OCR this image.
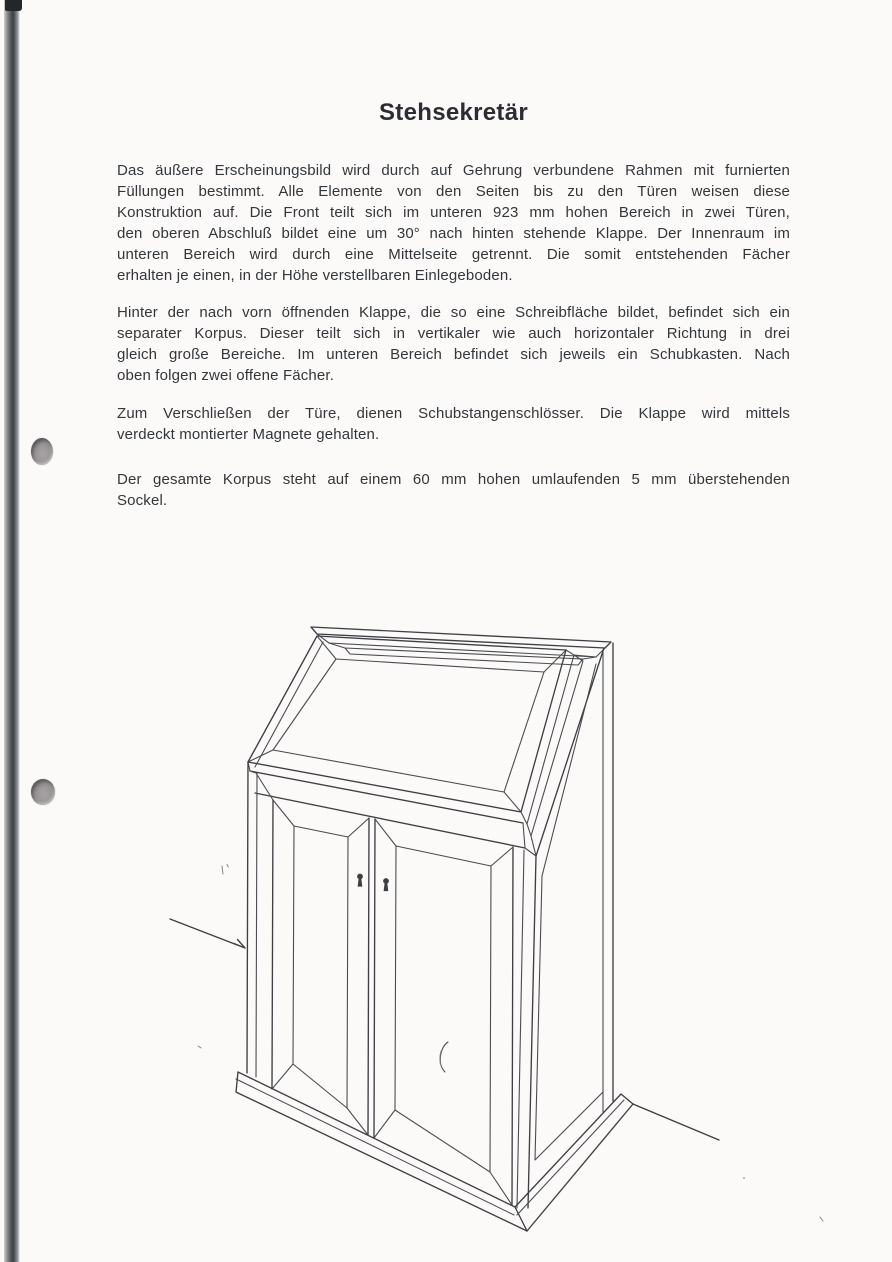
Stehsekretär
Das äußere Erscheinungsbild wird durch auf Gehrung verbundene Rahmen mit furnierten
Füllungen bestimmt. Alle Elemente von den Seiten bis zu den Türen weisen diese
Konstruktion auf. Die Front teilt sich im unteren 923 mm hohen Bereich in zwei Türen,
den oberen Abschluß bildet eine um 30° nach hinten stehende Klappe. Der Innenraum im
unteren Bereich wird durch eine Mittelseite getrennt. Die somit entstehenden Fächer
erhalten je einen, in der Höhe verstellbaren Einlegeboden.
Hinter der nach vorn öffnenden Klappe, die so eine Schreibfläche bildet, befindet sich ein
separater Korpus. Dieser teilt sich in vertikaler wie auch horizontaler Richtung in drei
gleich große Bereiche. Im unteren Bereich befindet sich jeweils ein Schubkasten. Nach
oben folgen zwei offene Fächer.
Zum Verschließen der Türe, dienen Schubstangenschlösser. Die Klappe wird mittels
verdeckt montierter Magnete gehalten.
Der gesamte Korpus steht auf einem 60 mm hohen umlaufenden 5 mm überstehenden
Sockel.
